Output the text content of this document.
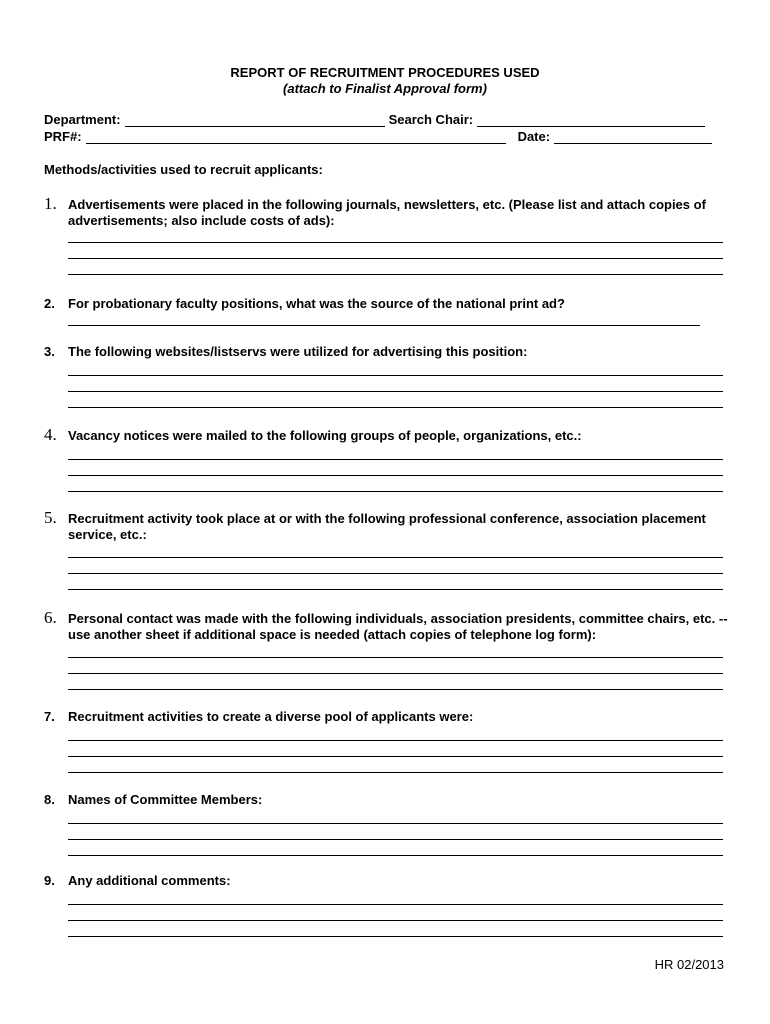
REPORT OF RECRUITMENT PROCEDURES USED
(attach to Finalist Approval form)
Department:	Search Chair:
PRF#:	Date:
Methods/activities used to recruit applicants:
1. Advertisements were placed in the following journals, newsletters, etc. (Please list and attach copies of advertisements; also include costs of ads):
2. For probationary faculty positions, what was the source of the national print ad?
3. The following websites/listservs were utilized for advertising this position:
4. Vacancy notices were mailed to the following groups of people, organizations, etc.:
5. Recruitment activity took place at or with the following professional conference, association placement service, etc.:
6. Personal contact was made with the following individuals, association presidents, committee chairs, etc. -- use another sheet if additional space is needed (attach copies of telephone log form):
7. Recruitment activities to create a diverse pool of applicants were:
8. Names of Committee Members:
9. Any additional comments:
HR 02/2013
